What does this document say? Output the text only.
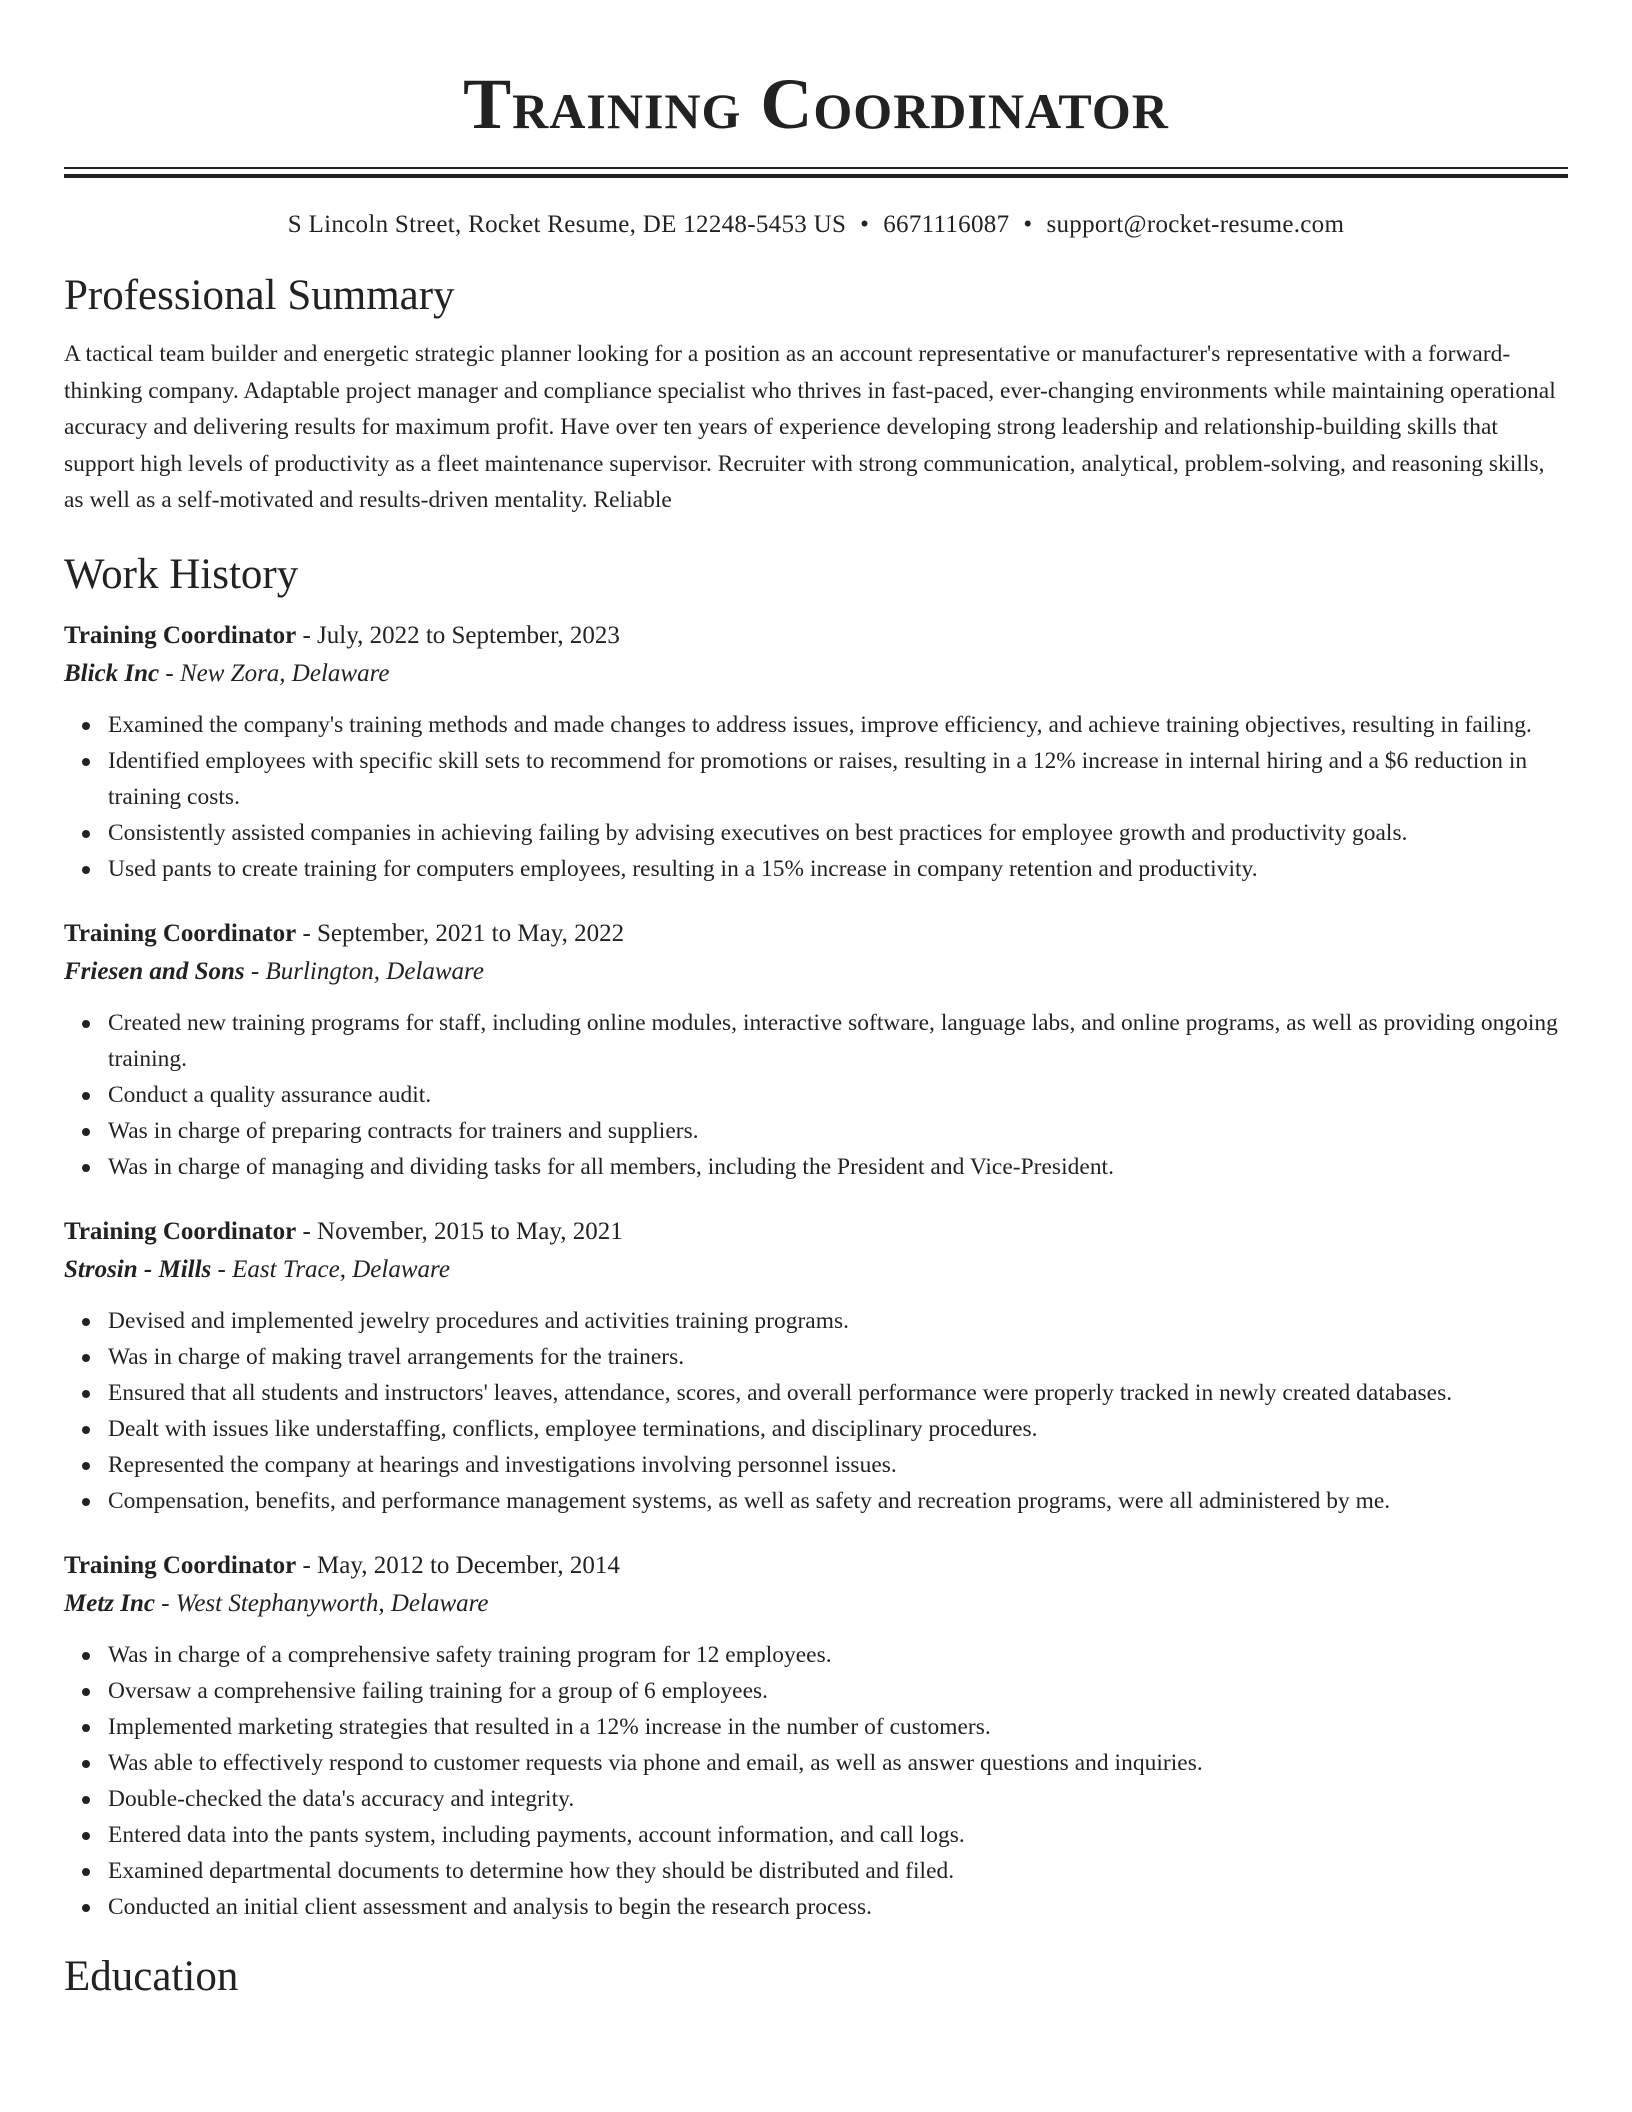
Training Coordinator
S Lincoln Street, Rocket Resume, DE 12248-5453 US • 6671116087 • support@rocket-resume.com
Professional Summary

A tactical team builder and energetic strategic planner looking for a position as an account representative or manufacturer's representative with a forward-thinking company. Adaptable project manager and compliance specialist who thrives in fast-paced, ever-changing environments while maintaining operational accuracy and delivering results for maximum profit. Have over ten years of experience developing strong leadership and relationship-building skills that support high levels of productivity as a fleet maintenance supervisor. Recruiter with strong communication, analytical, problem-solving, and reasoning skills, as well as a self-motivated and results-driven mentality. Reliable

Work History
Training Coordinator - July, 2022 to September, 2023
Blick Inc - New Zora, Delaware
Examined the company's training methods and made changes to address issues, improve efficiency, and achieve training objectives, resulting in failing.
Identified employees with specific skill sets to recommend for promotions or raises, resulting in a 12% increase in internal hiring and a $6 reduction in training costs.
Consistently assisted companies in achieving failing by advising executives on best practices for employee growth and productivity goals.
Used pants to create training for computers employees, resulting in a 15% increase in company retention and productivity.
Training Coordinator - September, 2021 to May, 2022
Friesen and Sons - Burlington, Delaware
Created new training programs for staff, including online modules, interactive software, language labs, and online programs, as well as providing ongoing training.
Conduct a quality assurance audit.
Was in charge of preparing contracts for trainers and suppliers.
Was in charge of managing and dividing tasks for all members, including the President and Vice-President.
Training Coordinator - November, 2015 to May, 2021
Strosin - Mills - East Trace, Delaware
Devised and implemented jewelry procedures and activities training programs.
Was in charge of making travel arrangements for the trainers.
Ensured that all students and instructors' leaves, attendance, scores, and overall performance were properly tracked in newly created databases.
Dealt with issues like understaffing, conflicts, employee terminations, and disciplinary procedures.
Represented the company at hearings and investigations involving personnel issues.
Compensation, benefits, and performance management systems, as well as safety and recreation programs, were all administered by me.
Training Coordinator - May, 2012 to December, 2014
Metz Inc - West Stephanyworth, Delaware
Was in charge of a comprehensive safety training program for 12 employees.
Oversaw a comprehensive failing training for a group of 6 employees.
Implemented marketing strategies that resulted in a 12% increase in the number of customers.
Was able to effectively respond to customer requests via phone and email, as well as answer questions and inquiries.
Double-checked the data's accuracy and integrity.
Entered data into the pants system, including payments, account information, and call logs.
Examined departmental documents to determine how they should be distributed and filed.
Conducted an initial client assessment and analysis to begin the research process.
Education
